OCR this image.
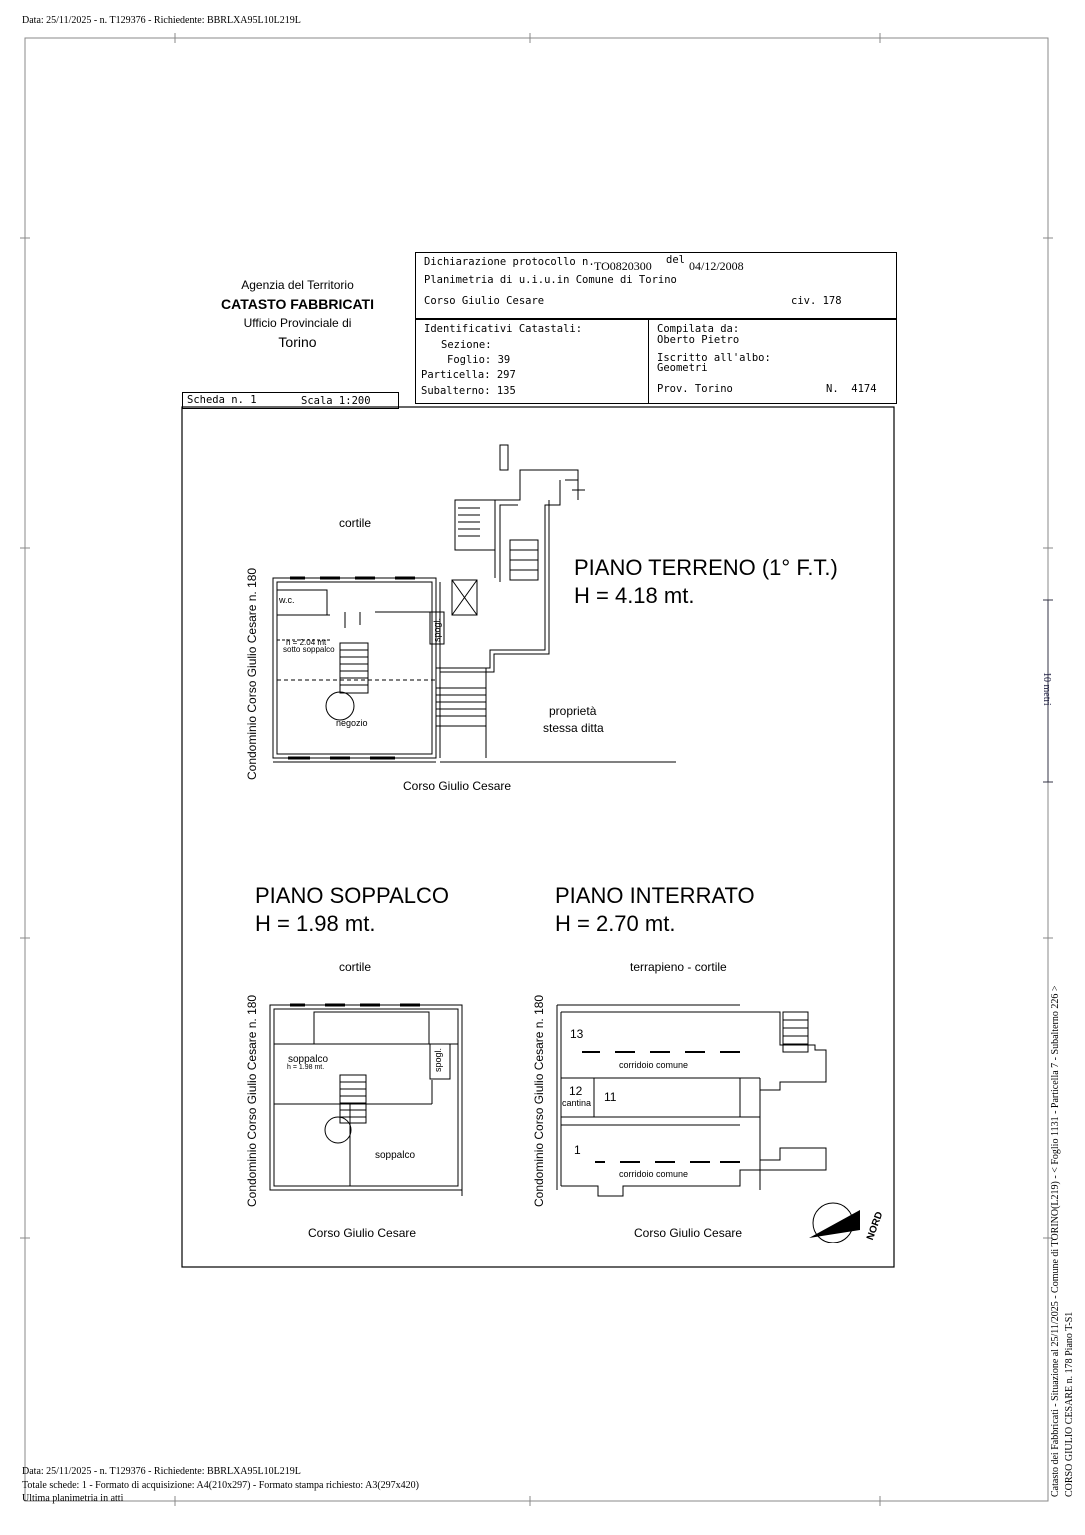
Data: 25/11/2025 - n. T129376 - Richiedente: BBRLXA95L10L219L
Agenzia del Territorio
CATASTO FABBRICATI
Ufficio Provinciale di
Torino
Dichiarazione protocollo n. TO0820300 del 04/12/2008
Planimetria di u.i.u.in Comune di Torino
Corso Giulio Cesare	civ. 178
Identificativi Catastali:
Sezione:
Foglio: 39
Particella: 297
Subalterno: 135
Compilata da:
Oberto Pietro
Iscritto all'albo:
Geometri
Prov. Torino	N.  4174
Scheda n. 1	Scala 1:200
cortile
PIANO TERRENO (1° F.T.)
H = 4.18 mt.
Condominio Corso Giulio Cesare n. 180
Corso Giulio Cesare
w.c.
h = 2.04 mt
sotto soppalco
spogl.
negozio
proprietà
stessa ditta
PIANO SOPPALCO
H = 1.98 mt.
cortile
Condominio Corso Giulio Cesare n. 180
Corso Giulio Cesare
soppalco
h = 1.98 mt.	spogl.
soppalco
PIANO INTERRATO
H = 2.70 mt.
terrapieno - cortile
Condominio Corso Giulio Cesare n. 180
Corso Giulio Cesare
13
corridoio comune
12
cantina 11
1
corridoio comune
NORD
10 metri
Catasto dei Fabbricati - Situazione al 25/11/2025 - Comune di TORINO(L219) - < Foglio 1131 - Particella 7 - Subalterno 226 > CORSO GIULIO CESARE n. 178 Piano T-S1
Data: 25/11/2025 - n. T129376 - Richiedente: BBRLXA95L10L219L
Totale schede: 1 - Formato di acquisizione: A4(210x297) - Formato stampa richiesto: A3(297x420)
Ultima planimetria in atti
